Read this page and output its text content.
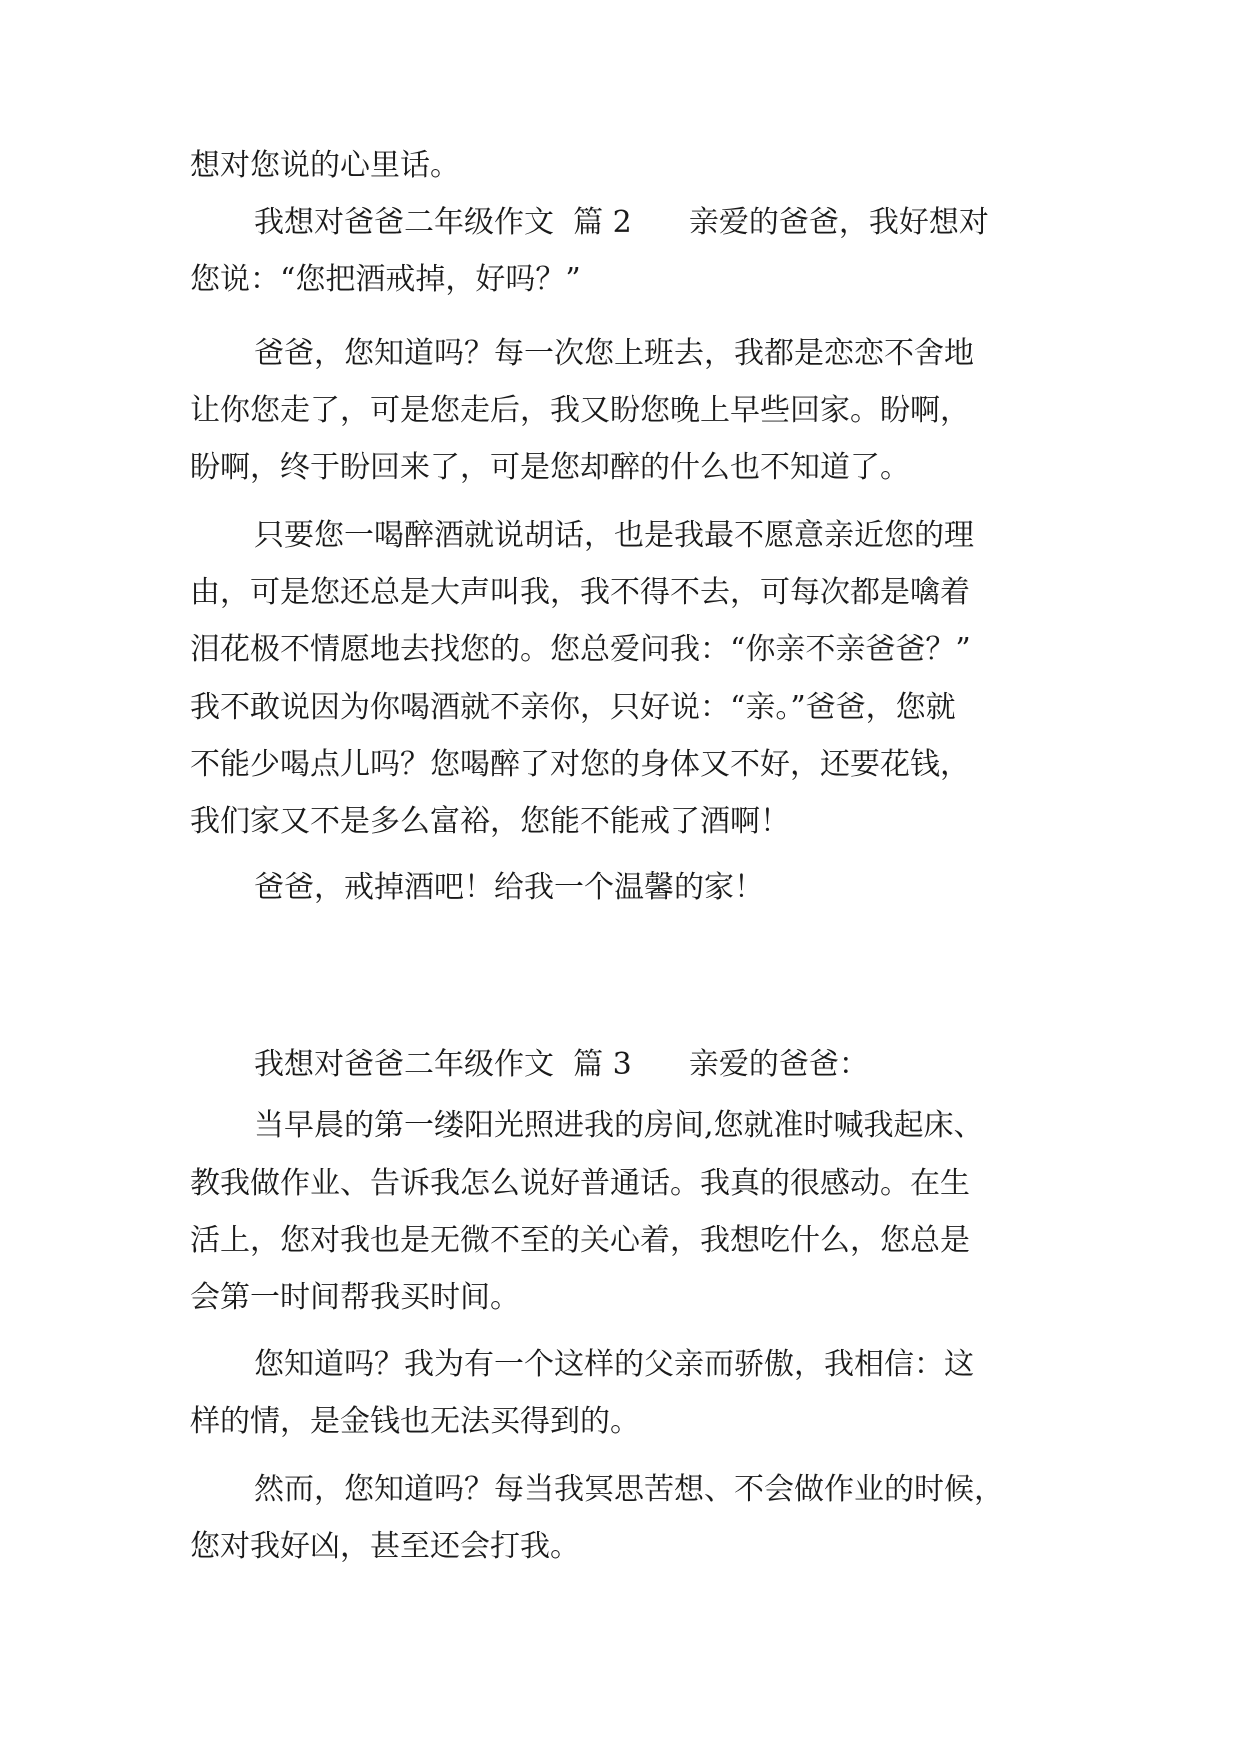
想对您说的心里话。
我想对爸爸二年级作文  篇 2      亲爱的爸爸，我好想对
您说：“您把酒戒掉，好吗？”
爸爸，您知道吗？每一次您上班去，我都是恋恋不舍地
让你您走了，可是您走后，我又盼您晚上早些回家。盼啊，
盼啊，终于盼回来了，可是您却醉的什么也不知道了。
只要您一喝醉酒就说胡话，也是我最不愿意亲近您的理
由，可是您还总是大声叫我，我不得不去，可每次都是噙着
泪花极不情愿地去找您的。您总爱问我：“你亲不亲爸爸？”
我不敢说因为你喝酒就不亲你，只好说：“亲。”爸爸，您就
不能少喝点儿吗？您喝醉了对您的身体又不好，还要花钱，
我们家又不是多么富裕，您能不能戒了酒啊！
爸爸，戒掉酒吧！给我一个温馨的家！
我想对爸爸二年级作文  篇 3      亲爱的爸爸：
当早晨的第一缕阳光照进我的房间,您就准时喊我起床、
教我做作业、告诉我怎么说好普通话。我真的很感动。在生
活上，您对我也是无微不至的关心着，我想吃什么，您总是
会第一时间帮我买时间。
您知道吗？我为有一个这样的父亲而骄傲，我相信：这
样的情，是金钱也无法买得到的。
然而，您知道吗？每当我冥思苦想、不会做作业的时候，
您对我好凶，甚至还会打我。
